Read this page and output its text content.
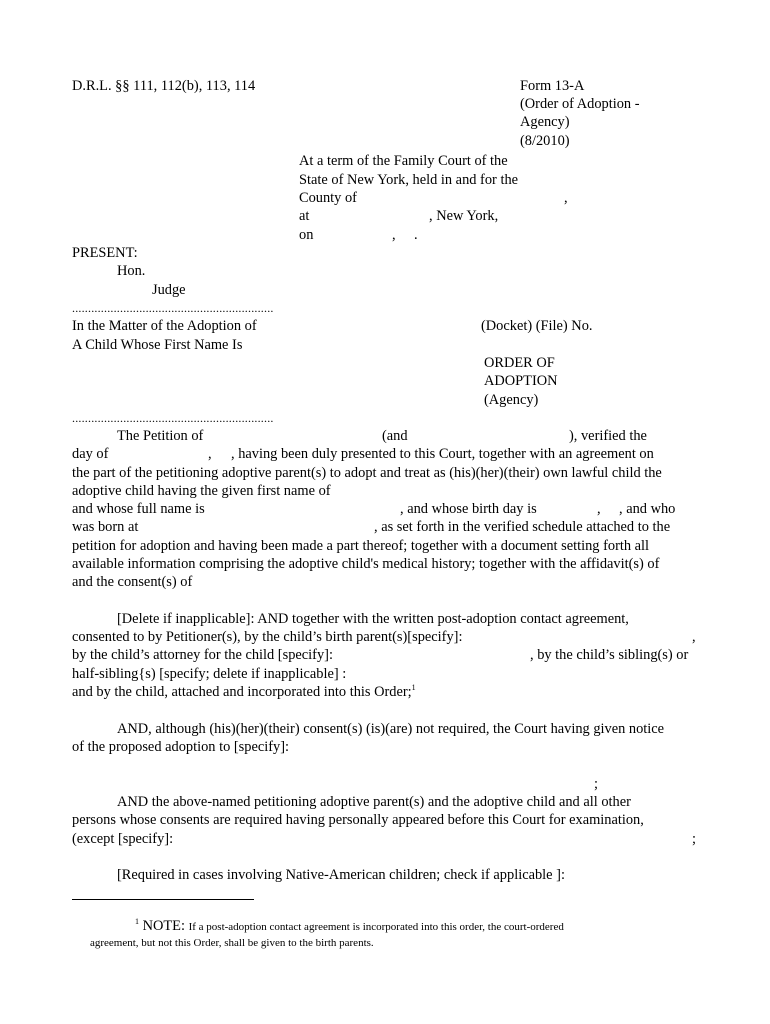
D.R.L. §§ 111, 112(b), 113, 114	Form 13-A
(Order of Adoption -
Agency)
(8/2010)
At a term of the Family Court of the
State of New York, held in and for the
County of	,
at	, New York,
on	, .
PRESENT:
Hon.
Judge
...............................................................
In the Matter of the Adoption of	(Docket) (File) No.
A Child Whose First Name Is
ORDER OF
ADOPTION
(Agency)
...............................................................
The Petition of	(and	), verified the
day of	, , having been duly presented to this Court, together with an agreement on
the part of the petitioning adoptive parent(s) to adopt and treat as (his)(her)(their) own lawful child the
adoptive child having the given first name of
and whose full name is	, and whose birth day is	, , and who
was born at	, as set forth in the verified schedule attached to the
petition for adoption and having been made a part thereof; together with a document setting forth all
available information comprising the adoptive child's medical history; together with the affidavit(s) of
and the consent(s) of
[Delete if inapplicable]: AND together with the written post-adoption contact agreement,
consented to by Petitioner(s), by the child’s birth parent(s)[specify]:	,
by the child’s attorney for the child [specify]:	, by the child’s sibling(s) or
half-sibling{s) [specify; delete if inapplicable] :
and by the child, attached and incorporated into this Order;$^1$
AND, although (his)(her)(their) consent(s) (is)(are) not required, the Court having given notice
of the proposed adoption to [specify]:
;
AND the above-named petitioning adoptive parent(s) and the adoptive child and all other
persons whose consents are required having personally appeared before this Court for examination,
(except [specify]:	;
[Required in cases involving Native-American children; check if applicable ]:
$^1$ NOTE: If a post-adoption contact agreement is incorporated into this order, the court-ordered
agreement, but not this Order, shall be given to the birth parents.
